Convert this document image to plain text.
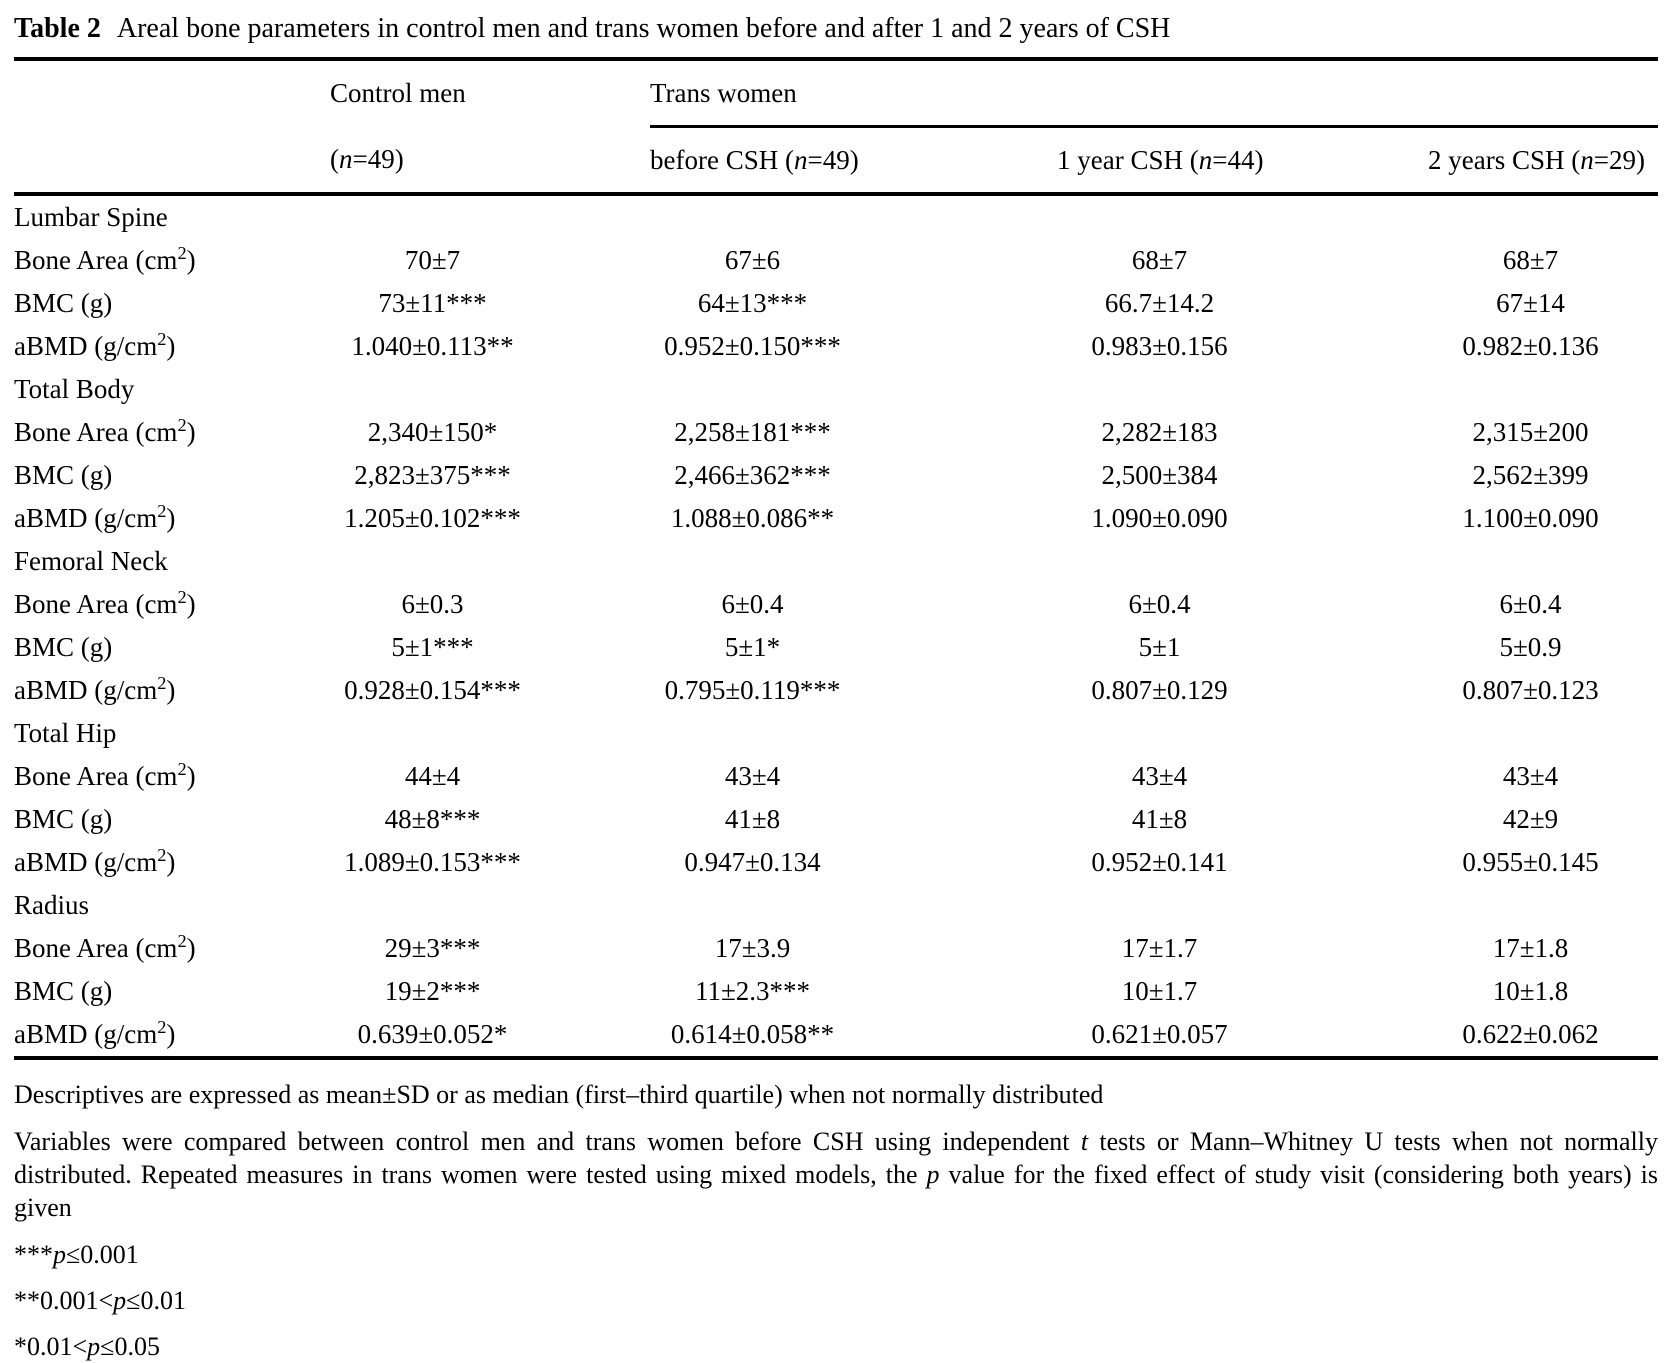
Table 2 Areal bone parameters in control men and trans women before and after 1 and 2 years of CSH
	Control men	Trans women		
	(n=49)	before CSH (n=49)	1 year CSH (n=44)	2 years CSH (n=29)
Lumbar Spine				
Bone Area $(cm^2)$	70±7	67±6	68±7	68±7
BMC (g)	73±11***	64±13***	66.7±14.2	67±14
aBMD $(g/cm^2)$	1.040±0.113**	0.952±0.150***	0.983±0.156	0.982±0.136
Total Body				
Bone Area $(cm^2)$	2,340±150*	2,258±181***	2,282±183	2,315±200
BMC (g)	2,823±375***	2,466±362***	2,500±384	2,562±399
aBMD $(g/cm^2)$	1.205±0.102***	1.088±0.086**	1.090±0.090	1.100±0.090
Femoral Neck				
Bone Area $(cm^2)$	6±0.3	6±0.4	6±0.4	6±0.4
BMC (g)	5±1***	5±1*	5±1	5±0.9
aBMD $(g/cm^2)$	0.928±0.154***	0.795±0.119***	0.807±0.129	0.807±0.123
Total Hip				
Bone Area $(cm^2)$	44±4	43±4	43±4	43±4
BMC (g)	48±8***	41±8	41±8	42±9
aBMD $(g/cm^2)$	1.089±0.153***	0.947±0.134	0.952±0.141	0.955±0.145
Radius				
Bone Area $(cm^2)$	29±3***	17±3.9	17±1.7	17±1.8
BMC (g)	19±2***	11±2.3***	10±1.7	10±1.8
aBMD $(g/cm^2)$	0.639±0.052*	0.614±0.058**	0.621±0.057	0.622±0.062

Descriptives are expressed as mean±SD or as median (first–third quartile) when not normally distributed

Variables were compared between control men and trans women before CSH using independent t tests or Mann–Whitney U tests when not normally distributed. Repeated measures in trans women were tested using mixed models, the p value for the fixed effect of study visit (considering both years) is given

***p≤0.001

**0.001<p≤0.01

*0.01<p≤0.05
